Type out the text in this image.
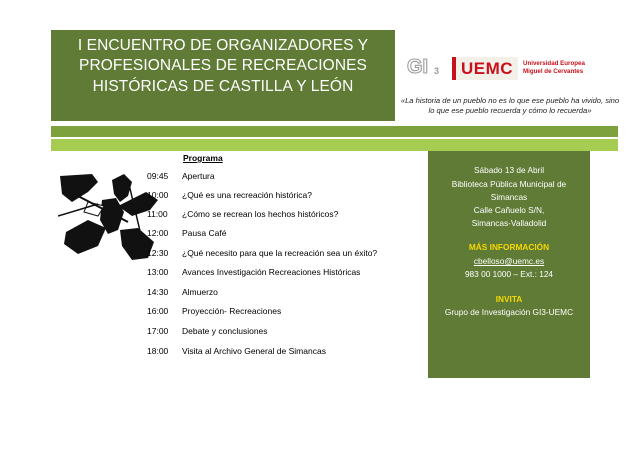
I ENCUENTRO DE ORGANIZADORES Y
PROFESIONALES DE RECREACIONES
HISTÓRICAS DE CASTILLA Y LEÓN
GI 3 UEMC	Universidad Europea
Miguel de Cervantes
«La historia de un pueblo no es lo que ese pueblo ha vivido, sino
lo que ese pueblo recuerda y cómo lo recuerda»
Programa
09:45 Apertura
10:00 ¿Qué es una recreación histórica?
11:00 ¿Cómo se recrean los hechos históricos?
12:00 Pausa Café
12:30 ¿Qué necesito para que la recreación sea un éxito?
13:00 Avances Investigación Recreaciones Históricas
14:30 Almuerzo
16:00 Proyección- Recreaciones
17:00 Debate y conclusiones
18:00 Visita al Archivo General de Simancas
Sábado 13 de Abril
Biblioteca Pública Municipal de
Simancas
Calle Cañuelo S/N,
Simancas-Valladolid
MÁS INFORMACIÓN
cbelloso@uemc.es
983 00 1000 – Ext.: 124
INVITA
Grupo de Investigación GI3-UEMC
